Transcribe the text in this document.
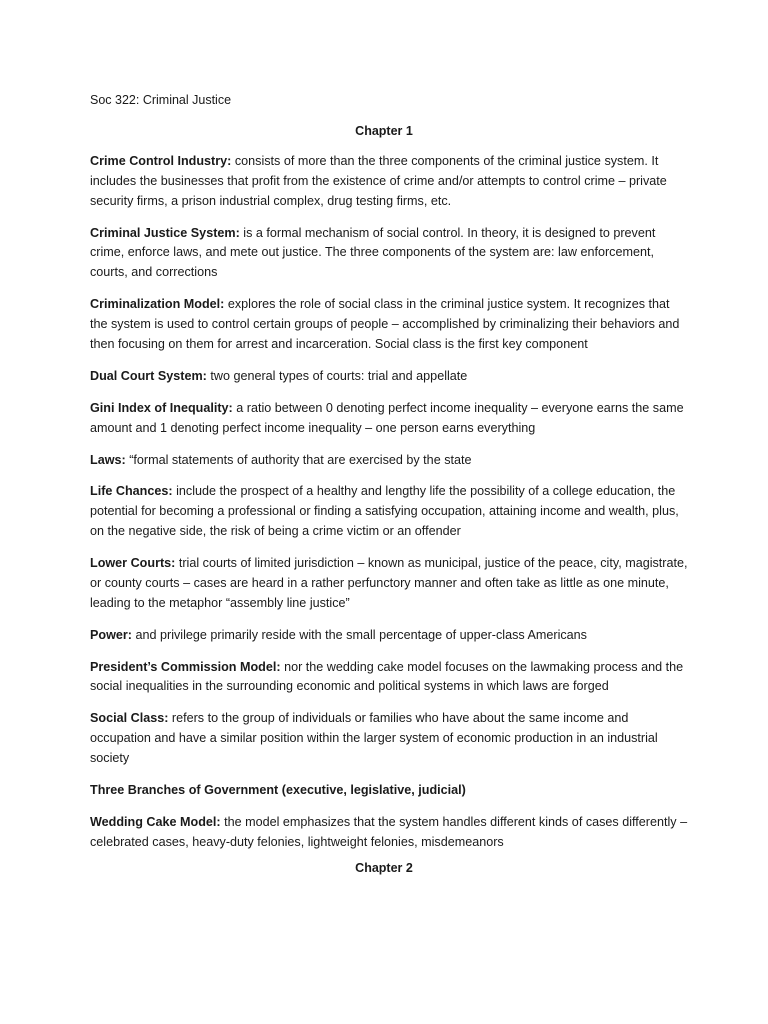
Soc 322: Criminal Justice
Chapter 1

Crime Control Industry: consists of more than the three components of the criminal justice system. It includes the businesses that profit from the existence of crime and/or attempts to control crime – private security firms, a prison industrial complex, drug testing firms, etc.

Criminal Justice System: is a formal mechanism of social control. In theory, it is designed to prevent crime, enforce laws, and mete out justice. The three components of the system are: law enforcement, courts, and corrections

Criminalization Model: explores the role of social class in the criminal justice system. It recognizes that the system is used to control certain groups of people – accomplished by criminalizing their behaviors and then focusing on them for arrest and incarceration. Social class is the first key component

Dual Court System: two general types of courts: trial and appellate

Gini Index of Inequality: a ratio between 0 denoting perfect income inequality – everyone earns the same amount and 1 denoting perfect income inequality – one person earns everything

Laws: “formal statements of authority that are exercised by the state

Life Chances: include the prospect of a healthy and lengthy life the possibility of a college education, the potential for becoming a professional or finding a satisfying occupation, attaining income and wealth, plus, on the negative side, the risk of being a crime victim or an offender

Lower Courts: trial courts of limited jurisdiction – known as municipal, justice of the peace, city, magistrate, or county courts – cases are heard in a rather perfunctory manner and often take as little as one minute, leading to the metaphor “assembly line justice”

Power: and privilege primarily reside with the small percentage of upper-class Americans

President’s Commission Model: nor the wedding cake model focuses on the lawmaking process and the social inequalities in the surrounding economic and political systems in which laws are forged

Social Class: refers to the group of individuals or families who have about the same income and occupation and have a similar position within the larger system of economic production in an industrial society

Three Branches of Government (executive, legislative, judicial)

Wedding Cake Model: the model emphasizes that the system handles different kinds of cases differently – celebrated cases, heavy-duty felonies, lightweight felonies, misdemeanors

Chapter 2
